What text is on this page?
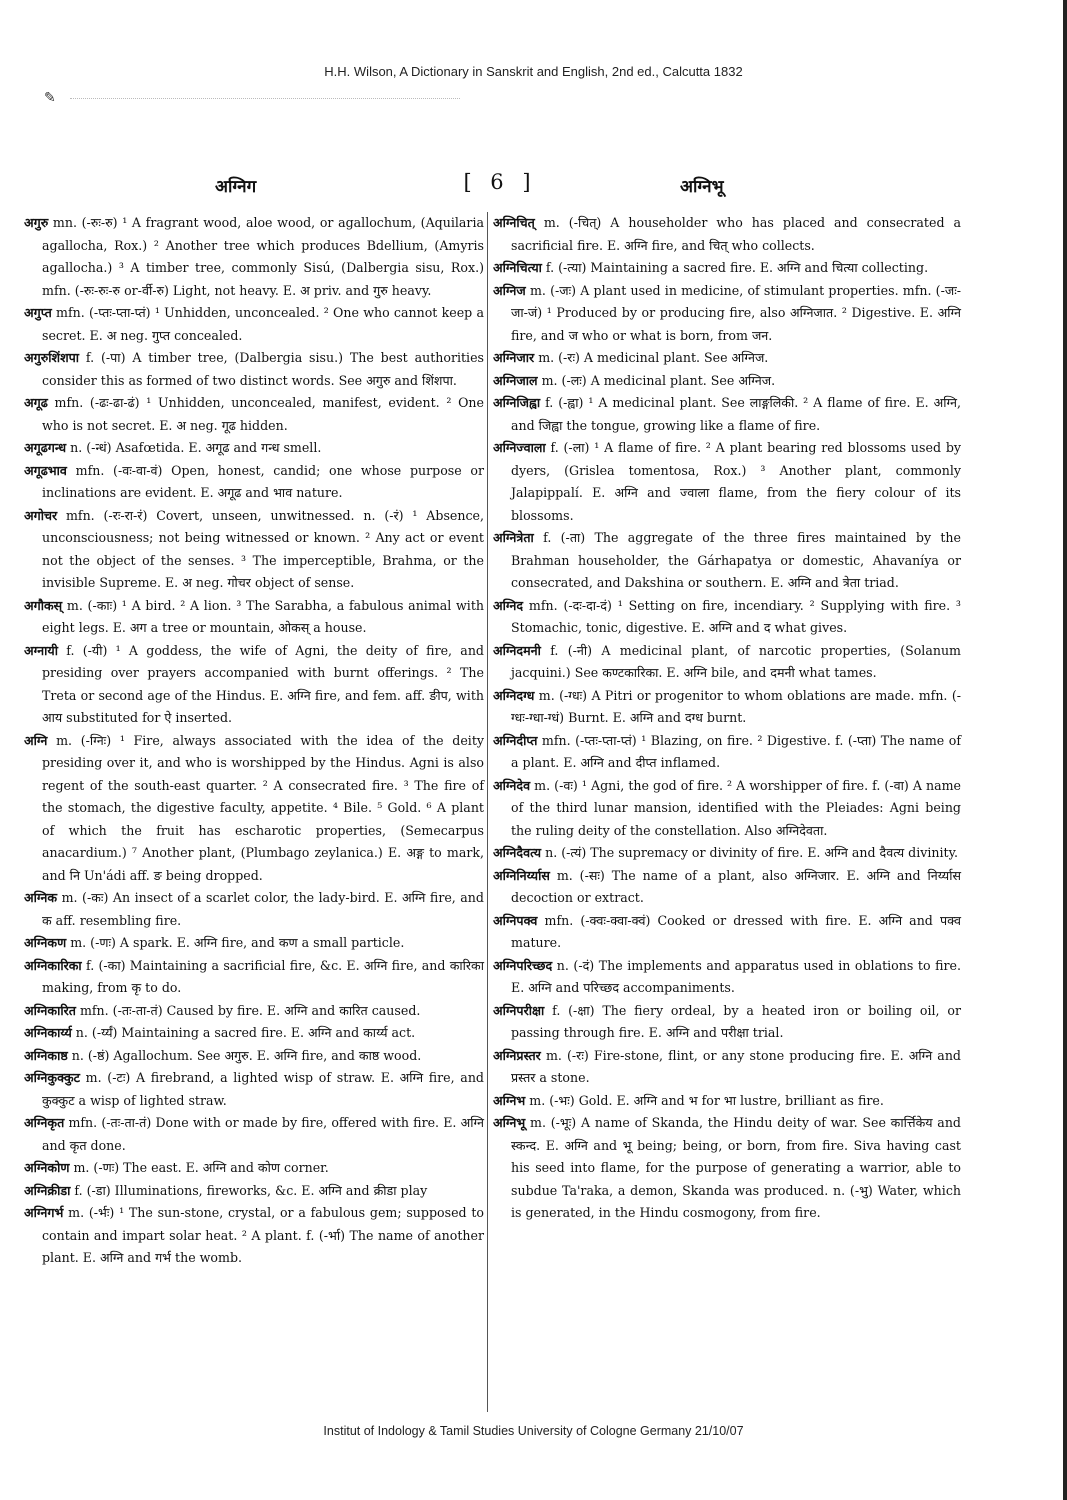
H.H. Wilson, A Dictionary in Sanskrit and English, 2nd ed., Calcutta 1832
✎
अग्निग	[ 6 ]	अग्निभू

अगुरु mn. (-रुः-रु) ¹ A fragrant wood, aloe wood, or agallochum, (Aquilaria agallocha, Rox.) ² Another tree which produces Bdellium, (Amyris agallocha.) ³ A timber tree, commonly Sisú, (Dalbergia sisu, Rox.) mfn. (-रुः-रुः-रु or-र्वी-रु) Light, not heavy. E. अ priv. and गुरु heavy.

अगुप्त mfn. (-प्तः-प्ता-प्तं) ¹ Unhidden, unconcealed. ² One who cannot keep a secret. E. अ neg. गुप्त concealed.

अगुरुशिंशपा f. (-पा) A timber tree, (Dalbergia sisu.) The best authorities consider this as formed of two distinct words. See अगुरु and शिंशपा.

अगूढ mfn. (-ढः-ढा-ढं) ¹ Unhidden, unconcealed, manifest, evident. ² One who is not secret. E. अ neg. गूढ hidden.

अगूढगन्ध n. (-न्धं) Asafœtida. E. अगूढ and गन्ध smell.

अगूढभाव mfn. (-वः-वा-वं) Open, honest, candid; one whose purpose or inclinations are evident. E. अगूढ and भाव nature.

अगोचर mfn. (-रः-रा-रं) Covert, unseen, unwitnessed. n. (-रं) ¹ Absence, unconsciousness; not being witnessed or known. ² Any act or event not the object of the senses. ³ The imperceptible, Brahma, or the invisible Supreme. E. अ neg. गोचर object of sense.

अगौकस् m. (-काः) ¹ A bird. ² A lion. ³ The Sarabha, a fabulous animal with eight legs. E. अग a tree or mountain, ओकस् a house.

अग्नायी f. (-यी) ¹ A goddess, the wife of Agni, the deity of fire, and presiding over prayers accompanied with burnt offerings. ² The Treta or second age of the Hindus. E. अग्नि fire, and fem. aff. ङीप, with आय substituted for ऐ inserted.

अग्नि m. (-ग्निः) ¹ Fire, always associated with the idea of the deity presiding over it, and who is worshipped by the Hindus. Agni is also regent of the south-east quarter. ² A consecrated fire. ³ The fire of the stomach, the digestive faculty, appetite. ⁴ Bile. ⁵ Gold. ⁶ A plant of which the fruit has escharotic properties, (Semecarpus anacardium.) ⁷ Another plant, (Plumbago zeylanica.) E. अङ्ग to mark, and नि Un'ádi aff. ङ being dropped.

अग्निक m. (-कः) An insect of a scarlet color, the lady-bird. E. अग्नि fire, and क aff. resembling fire.

अग्निकण m. (-णः) A spark. E. अग्नि fire, and कण a small particle.

अग्निकारिका f. (-का) Maintaining a sacrificial fire, &c. E. अग्नि fire, and कारिका making, from कृ to do.

अग्निकारित mfn. (-तः-ता-तं) Caused by fire. E. अग्नि and कारित caused.

अग्निकार्य्य n. (-र्य्यं) Maintaining a sacred fire. E. अग्नि and कार्य्य act.

अग्निकाष्ठ n. (-ष्ठं) Agallochum. See अगुरु. E. अग्नि fire, and काष्ठ wood.

अग्निकुक्कुट m. (-टः) A firebrand, a lighted wisp of straw. E. अग्नि fire, and कुक्कुट a wisp of lighted straw.

अग्निकृत mfn. (-तः-ता-तं) Done with or made by fire, offered with fire. E. अग्नि and कृत done.

अग्निकोण m. (-णः) The east. E. अग्नि and कोण corner.

अग्निक्रीडा f. (-डा) Illuminations, fireworks, &c. E. अग्नि and क्रीडा play

अग्निगर्भ m. (-र्भः) ¹ The sun-stone, crystal, or a fabulous gem; supposed to contain and impart solar heat. ² A plant. f. (-र्भा) The name of another plant. E. अग्नि and गर्भ the womb.

अग्निचित् m. (-चित्) A householder who has placed and consecrated a sacrificial fire. E. अग्नि fire, and चित् who collects.

अग्निचित्या f. (-त्या) Maintaining a sacred fire. E. अग्नि and चित्या collecting.

अग्निज m. (-जः) A plant used in medicine, of stimulant properties. mfn. (-जः-जा-जं) ¹ Produced by or producing fire, also अग्निजात. ² Digestive. E. अग्नि fire, and ज who or what is born, from जन.

अग्निजार m. (-रः) A medicinal plant. See अग्निज.

अग्निजाल m. (-लः) A medicinal plant. See अग्निज.

अग्निजिह्वा f. (-ह्वा) ¹ A medicinal plant. See लाङ्गलिकी. ² A flame of fire. E. अग्नि, and जिह्वा the tongue, growing like a flame of fire.

अग्निज्वाला f. (-ला) ¹ A flame of fire. ² A plant bearing red blossoms used by dyers, (Grislea tomentosa, Rox.) ³ Another plant, commonly Jalapippalí. E. अग्नि and ज्वाला flame, from the fiery colour of its blossoms.

अग्नित्रेता f. (-ता) The aggregate of the three fires maintained by the Brahman householder, the Gárhapatya or domestic, Ahavaníya or consecrated, and Dakshina or southern. E. अग्नि and त्रेता triad.

अग्निद mfn. (-दः-दा-दं) ¹ Setting on fire, incendiary. ² Supplying with fire. ³ Stomachic, tonic, digestive. E. अग्नि and द what gives.

अग्निदमनी f. (-नी) A medicinal plant, of narcotic properties, (Solanum jacquini.) See कण्टकारिका. E. अग्नि bile, and दमनी what tames.

अग्निदग्ध m. (-ग्धः) A Pitri or progenitor to whom oblations are made. mfn. (-ग्धः-ग्धा-ग्धं) Burnt. E. अग्नि and दग्ध burnt.

अग्निदीप्त mfn. (-प्तः-प्ता-प्तं) ¹ Blazing, on fire. ² Digestive. f. (-प्ता) The name of a plant. E. अग्नि and दीप्त inflamed.

अग्निदेव m. (-वः) ¹ Agni, the god of fire. ² A worshipper of fire. f. (-वा) A name of the third lunar mansion, identified with the Pleiades: Agni being the ruling deity of the constellation. Also अग्निदेवता.

अग्निदैवत्य n. (-त्यं) The supremacy or divinity of fire. E. अग्नि and दैवत्य divinity.

अग्निनिर्य्यास m. (-सः) The name of a plant, also अग्निजार. E. अग्नि and निर्य्यास decoction or extract.

अग्निपक्व mfn. (-क्वः-क्वा-क्वं) Cooked or dressed with fire. E. अग्नि and पक्व mature.

अग्निपरिच्छद n. (-दं) The implements and apparatus used in oblations to fire. E. अग्नि and परिच्छद accompaniments.

अग्निपरीक्षा f. (-क्षा) The fiery ordeal, by a heated iron or boiling oil, or passing through fire. E. अग्नि and परीक्षा trial.

अग्निप्रस्तर m. (-रः) Fire-stone, flint, or any stone producing fire. E. अग्नि and प्रस्तर a stone.

अग्निभ m. (-भः) Gold. E. अग्नि and भ for भा lustre, brilliant as fire.

अग्निभू m. (-भूः) A name of Skanda, the Hindu deity of war. See कार्त्तिकेय and स्कन्द. E. अग्नि and भू being; being, or born, from fire. Siva having cast his seed into flame, for the purpose of generating a warrior, able to subdue Ta'raka, a demon, Skanda was produced. n. (-भु) Water, which is generated, in the Hindu cosmogony, from fire.

Institut of Indology & Tamil Studies University of Cologne Germany 21/10/07
